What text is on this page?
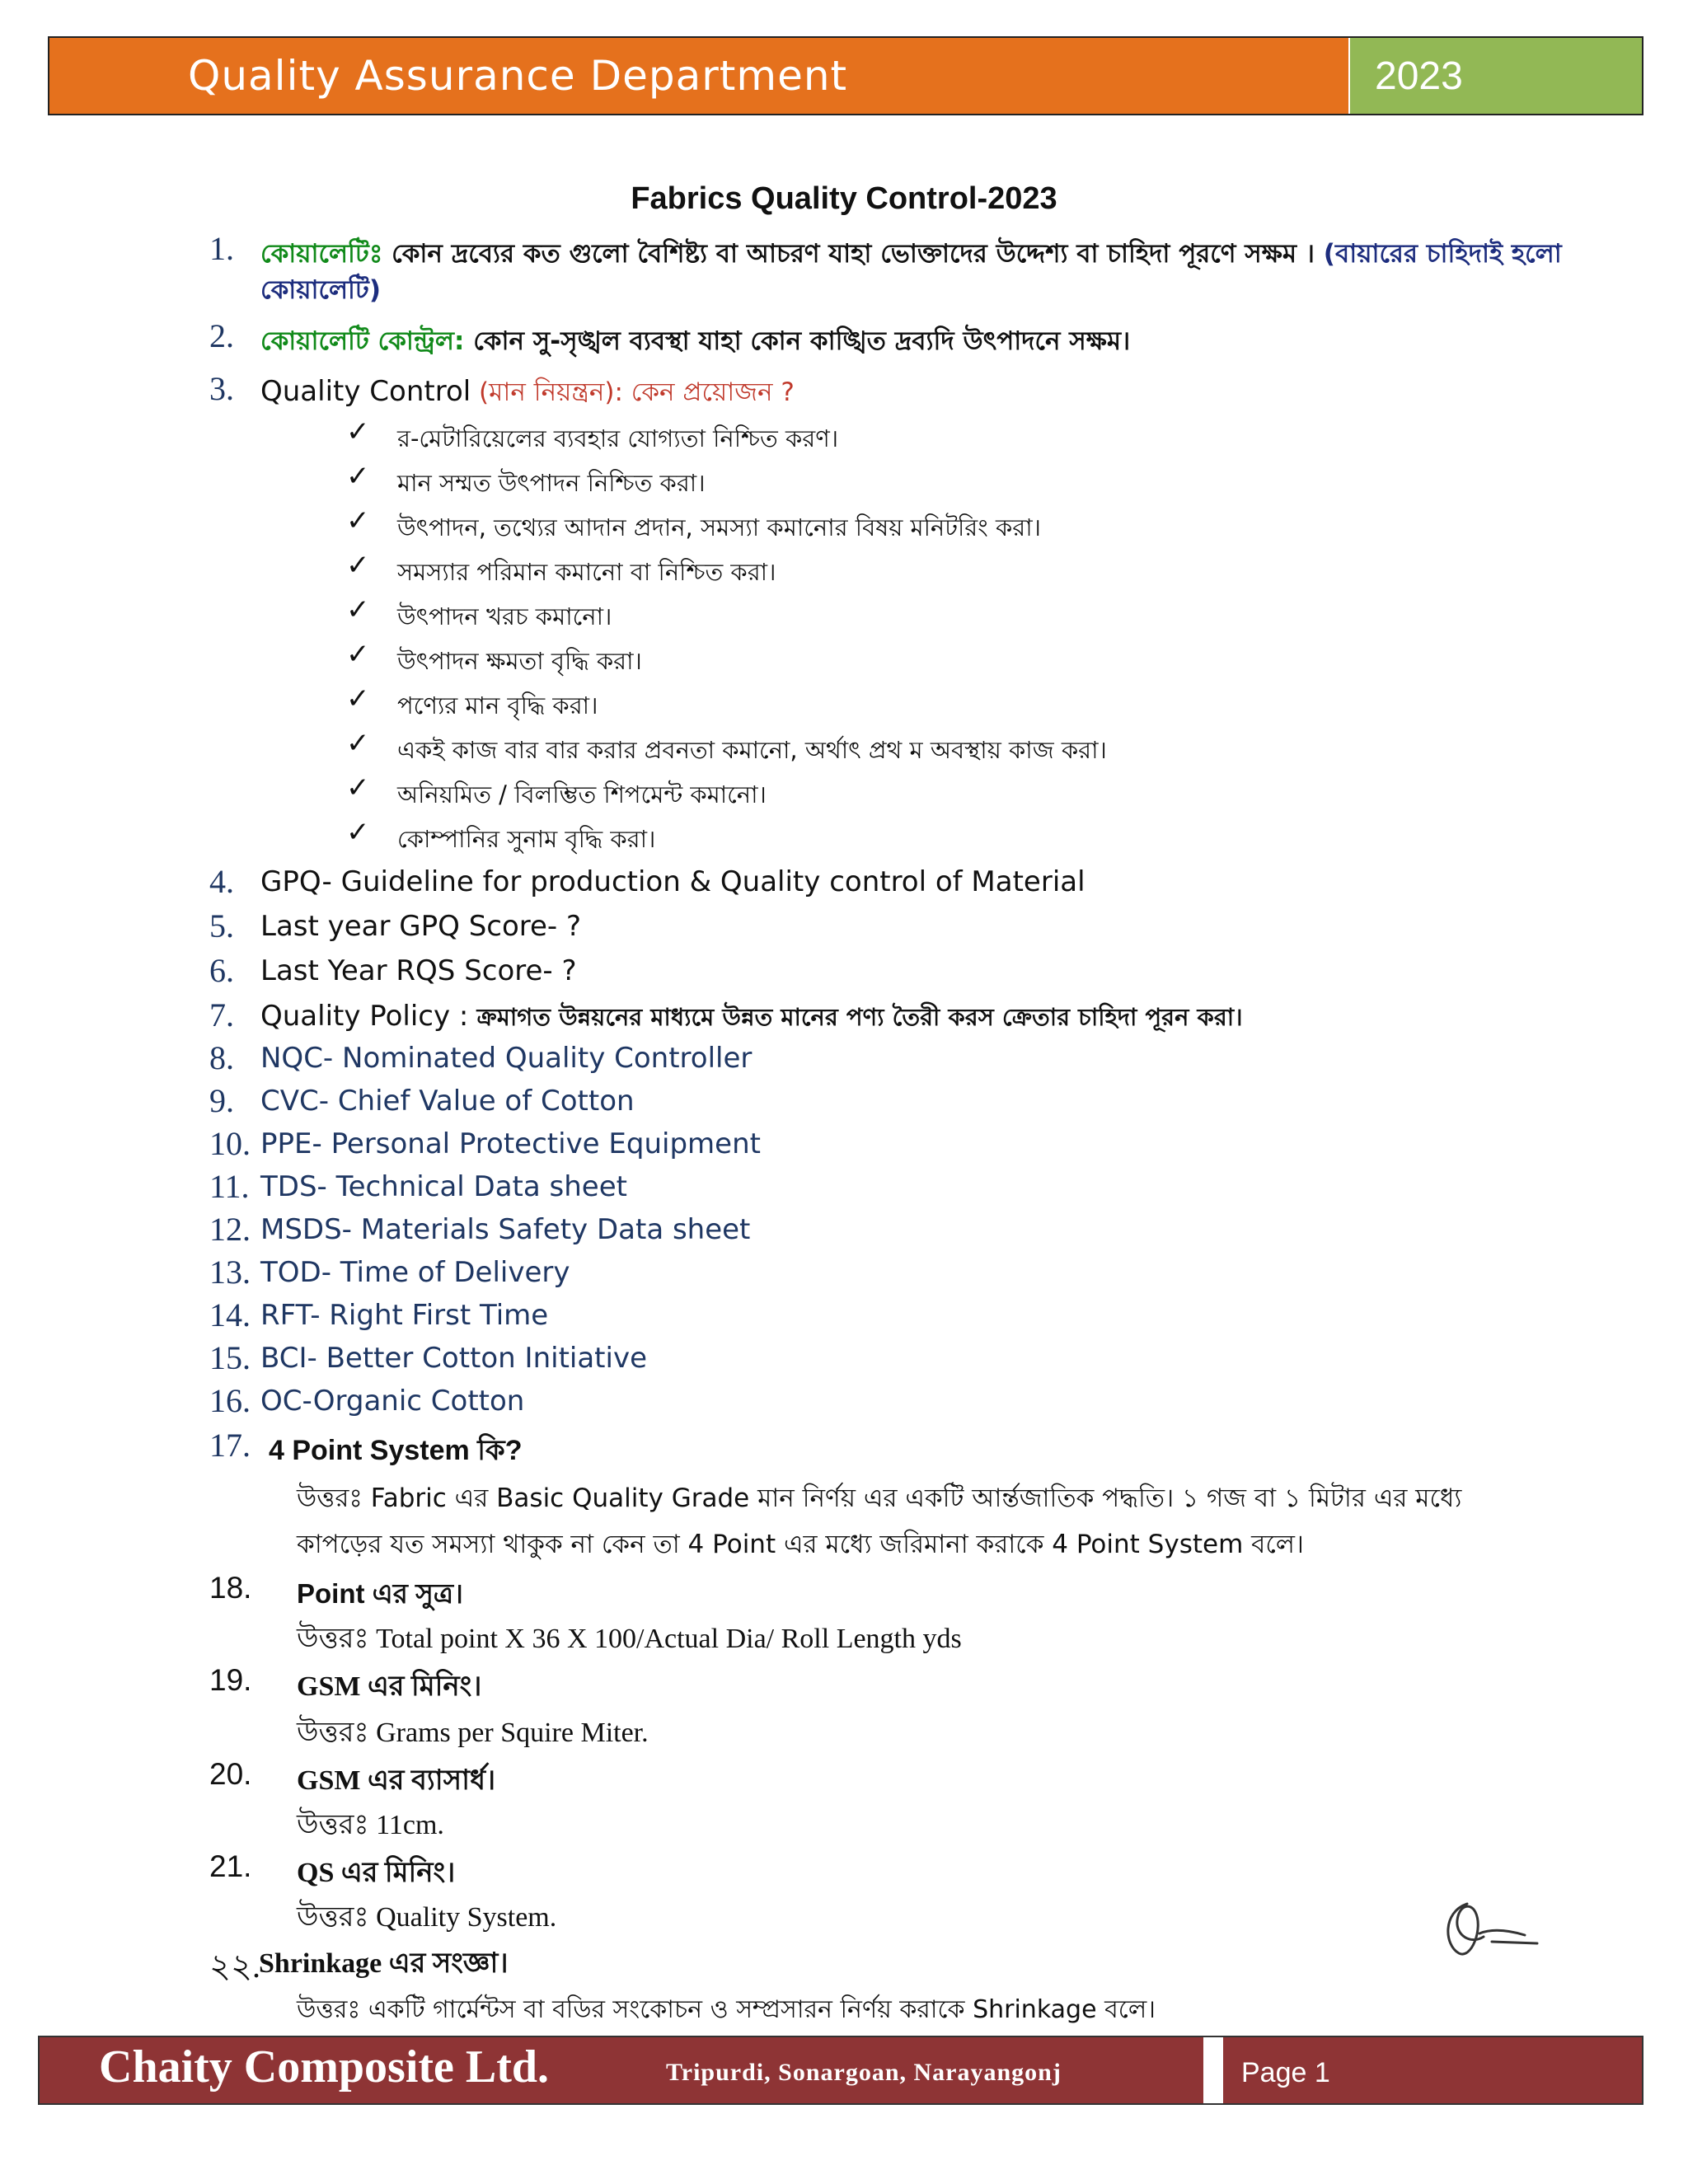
Quality Assurance Department	2023
Fabrics Quality Control-2023
1. কোয়ালেটিঃ কোন দ্রব্যের কত গুলো বৈশিষ্ট্য বা আচরণ যাহা ভোক্তাদের উদ্দেশ্য বা চাহিদা পূরণে সক্ষম । (বায়ারের চাহিদাই হলো
কোয়ালেটি)
2. কোয়ালেটি কোন্ট্রল: কোন সু-সৃঙ্খল ব্যবস্থা যাহা কোন কাঙ্খিত দ্রব্যদি উৎপাদনে সক্ষম।
3. Quality Control (মান নিয়ন্ত্রন): কেন প্রয়োজন ?
✓ র-মেটারিয়েলের ব্যবহার যোগ্যতা নিশ্চিত করণ।
✓ মান সম্মত উৎপাদন নিশ্চিত করা।
✓ উৎপাদন, তথ্যের আদান প্রদান, সমস্যা কমানোর বিষয় মনিটরিং করা।
✓ সমস্যার পরিমান কমানো বা নিশ্চিত করা।
✓ উৎপাদন খরচ কমানো।
✓ উৎপাদন ক্ষমতা বৃদ্ধি করা।
✓ পণ্যের মান বৃদ্ধি করা।
✓ একই কাজ বার বার করার প্রবনতা কমানো, অর্থাৎ প্রথ ম অবস্থায় কাজ করা।
✓ অনিয়মিত / বিলম্ভিত শিপমেন্ট কমানো।
✓ কোম্পানির সুনাম বৃদ্ধি করা।
4. GPQ- Guideline for production & Quality control of Material
5. Last year GPQ Score- ?
6. Last Year RQS Score- ?
7. Quality Policy : ক্রমাগত উন্নয়নের মাধ্যমে উন্নত মানের পণ্য তৈরী করস ক্রেতার চাহিদা পূরন করা।
8. NQC- Nominated Quality Controller
9. CVC- Chief Value of Cotton
10. PPE- Personal Protective Equipment
11. TDS- Technical Data sheet
12. MSDS- Materials Safety Data sheet
13. TOD- Time of Delivery
14. RFT- Right First Time
15. BCI- Better Cotton Initiative
16. OC-Organic Cotton
17. 4 Point System কি?
উত্তরঃ Fabric এর Basic Quality Grade মান নির্ণয় এর একটি আর্ন্তজাতিক পদ্ধতি। ১ গজ বা ১ মিটার এর মধ্যে
কাপড়ের যত সমস্যা থাকুক না কেন তা 4 Point এর মধ্যে জরিমানা করাকে 4 Point System বলে।
18. Point এর সুত্র।
উত্তরঃ Total point X 36 X 100/Actual Dia/ Roll Length yds
19. GSM এর মিনিং।
উত্তরঃ Grams per Squire Miter.
20. GSM এর ব্যাসার্ধ।
উত্তরঃ 11cm.
21. QS এর মিনিং।
উত্তরঃ Quality System.
২২.
Shrinkage এর সংজ্ঞা।
উত্তরঃ একটি গার্মেন্টস বা বডির সংকোচন ও সম্প্রসারন নির্ণয় করাকে Shrinkage বলে।
Chaity Composite Ltd.	Tripurdi, Sonargoan, Narayangonj	Page 1
